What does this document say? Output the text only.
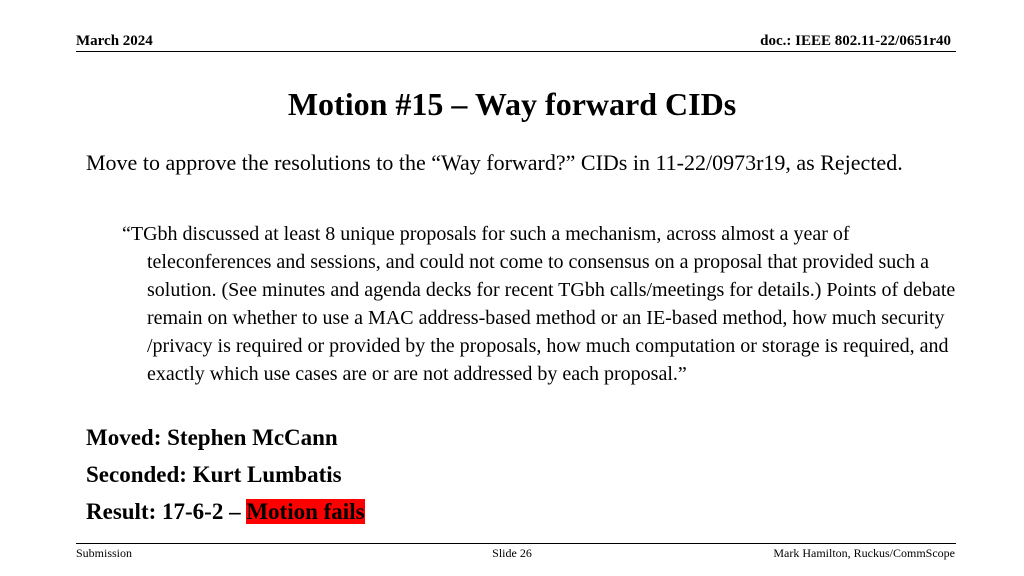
March 2024	doc.: IEEE 802.11-22/0651r40
Motion #15 – Way forward CIDs
Move to approve the resolutions to the “Way forward?” CIDs in 11-22/0973r19, as Rejected.
“TGbh discussed at least 8 unique proposals for such a mechanism, across almost a year of teleconferences and sessions, and could not come to consensus on a proposal that provided such a solution. (See minutes and agenda decks for recent TGbh calls/meetings for details.) Points of debate remain on whether to use a MAC address-based method or an IE-based method, how much security /privacy is required or provided by the proposals, how much computation or storage is required, and exactly which use cases are or are not addressed by each proposal.”
Moved: Stephen McCann
Seconded: Kurt Lumbatis
Result: 17-6-2 – Motion fails
Submission	Slide 26	Mark Hamilton, Ruckus/CommScope
